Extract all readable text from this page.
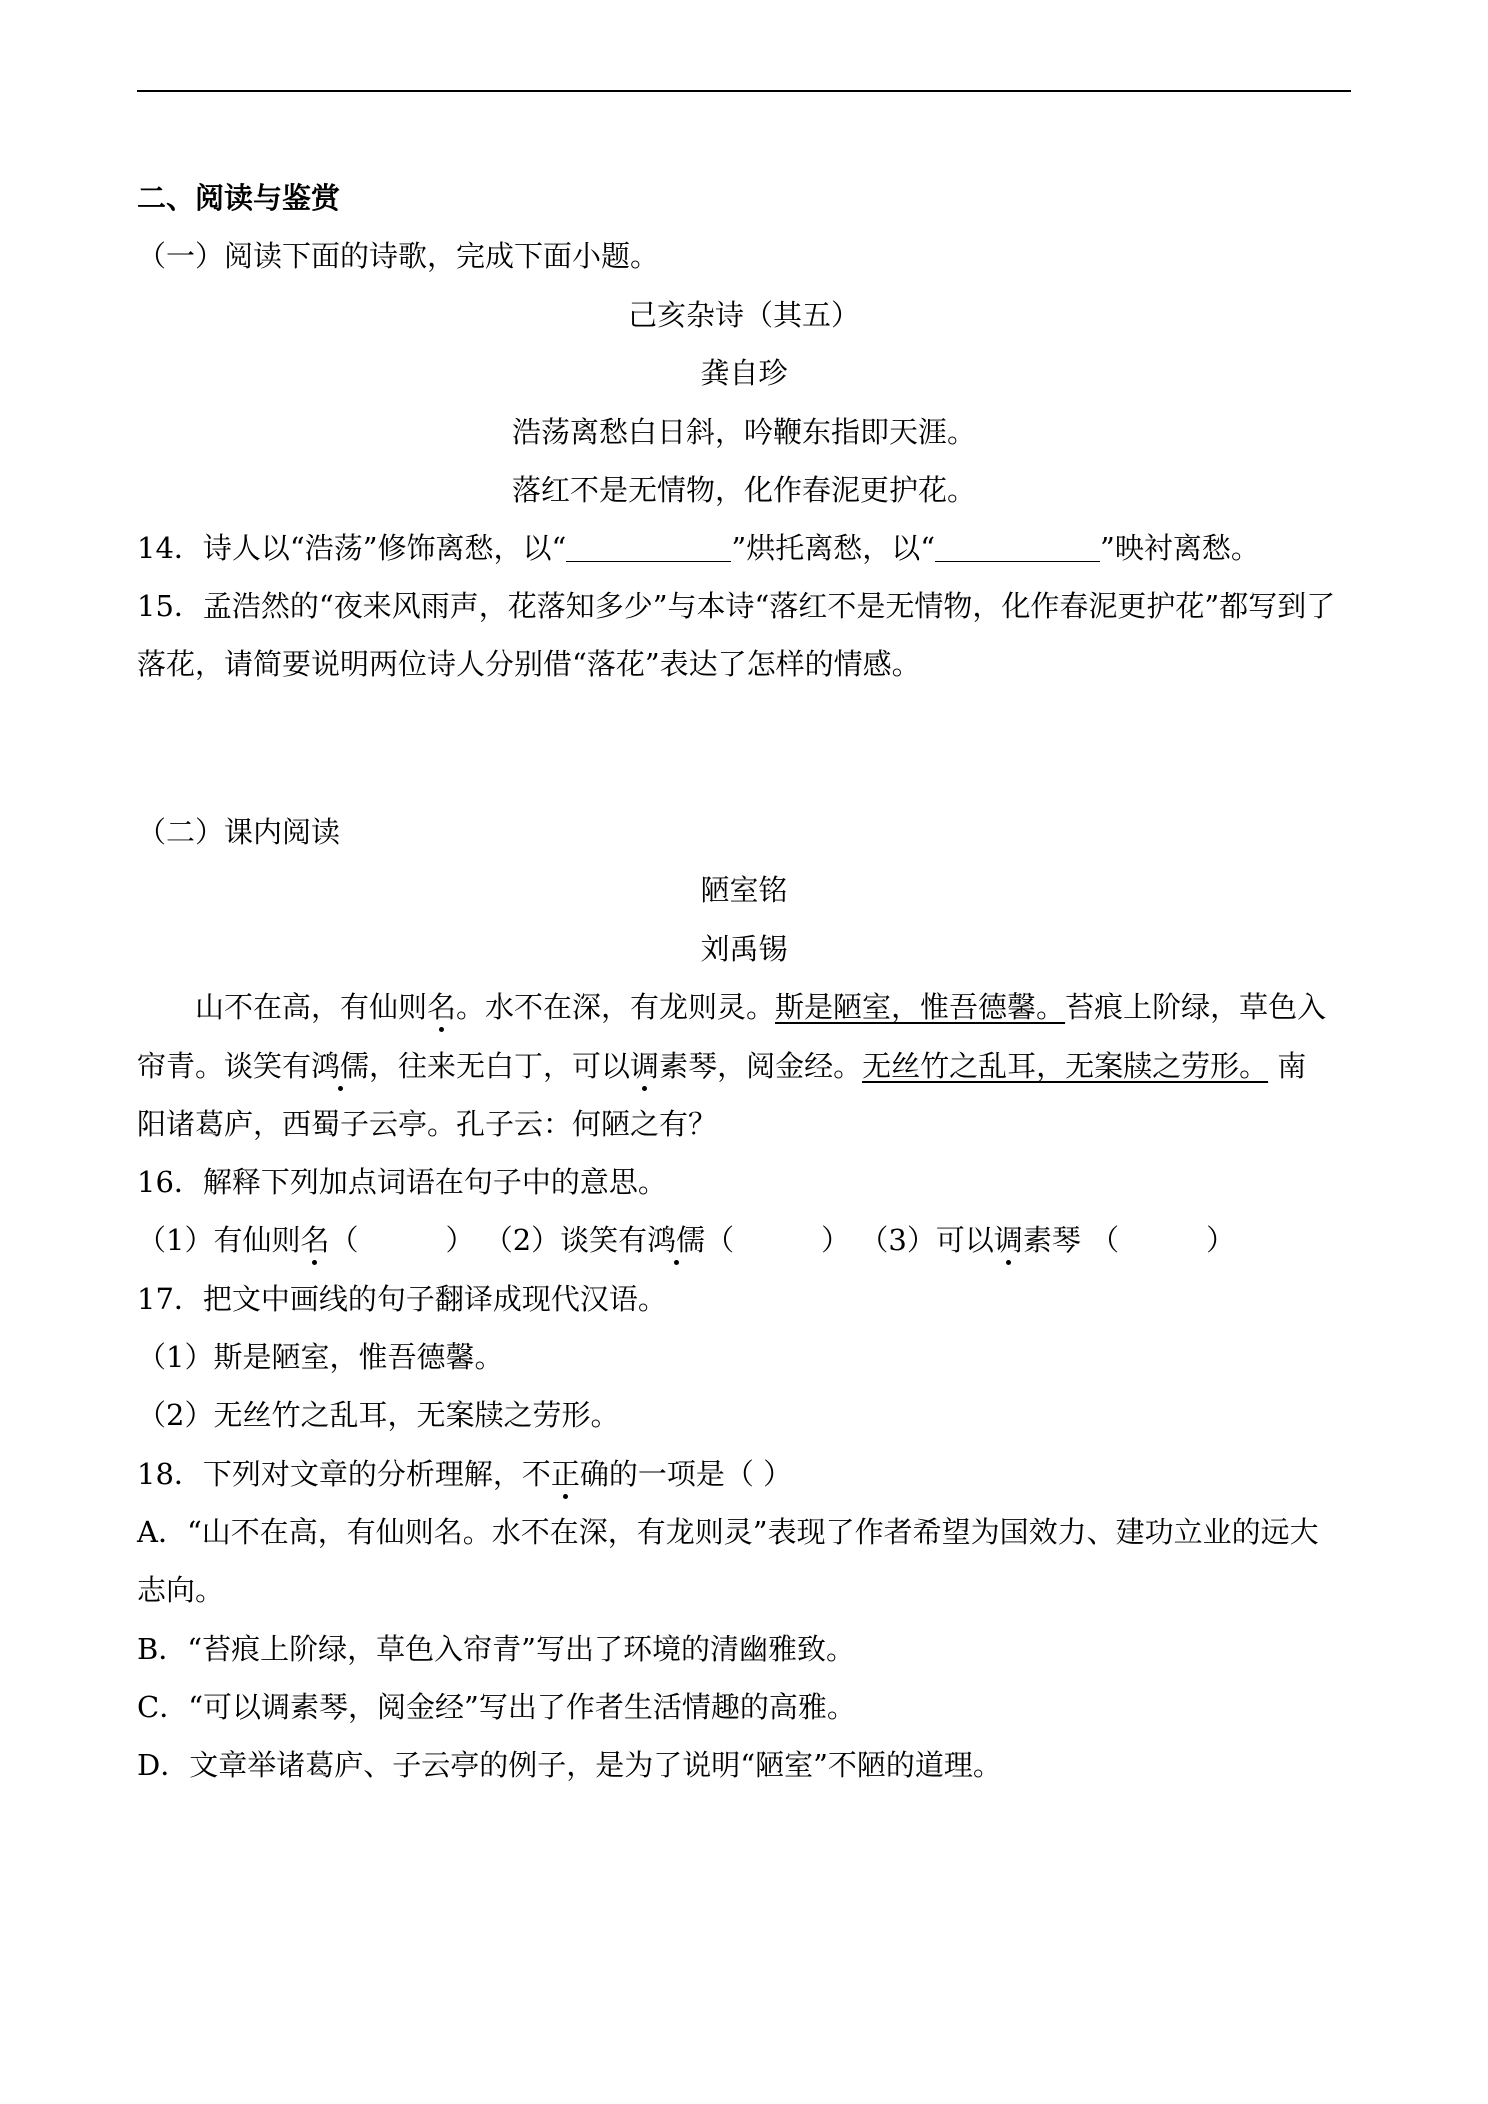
二、阅读与鉴赏
（一）阅读下面的诗歌，完成下面小题。
己亥杂诗（其五）
龚自珍
浩荡离愁白日斜，吟鞭东指即天涯。
落红不是无情物，化作春泥更护花。
14．诗人以“浩荡”修饰离愁，以“	”烘托离愁，以“	”映衬离愁。
15．孟浩然的“夜来风雨声，花落知多少”与本诗“落红不是无情物，化作春泥更护花”都写到了
落花，请简要说明两位诗人分别借“落花”表达了怎样的情感。
（二）课内阅读
陋室铭
刘禹锡
　　山不在高，有仙则名。水不在深，有龙则灵。斯是陋室，惟吾德馨。苔痕上阶绿，草色入
帘青。谈笑有鸿儒，往来无白丁，可以调素琴，阅金经。无丝竹之乱耳，无案牍之劳形。 南
阳诸葛庐，西蜀子云亭。孔子云：何陋之有？
16．解释下列加点词语在句子中的意思。
（1）有仙则名（　　　） （2）谈笑有鸿儒（　　　） （3）可以调素琴 （　　　）
17．把文中画线的句子翻译成现代汉语。
（1）斯是陋室，惟吾德馨。
（2）无丝竹之乱耳，无案牍之劳形。
18．下列对文章的分析理解，不正确的一项是（ ）
A．“山不在高，有仙则名。水不在深，有龙则灵”表现了作者希望为国效力、建功立业的远大
志向。
B．“苔痕上阶绿，草色入帘青”写出了环境的清幽雅致。
C．“可以调素琴，阅金经”写出了作者生活情趣的高雅。
D．文章举诸葛庐、子云亭的例子，是为了说明“陋室”不陋的道理。
